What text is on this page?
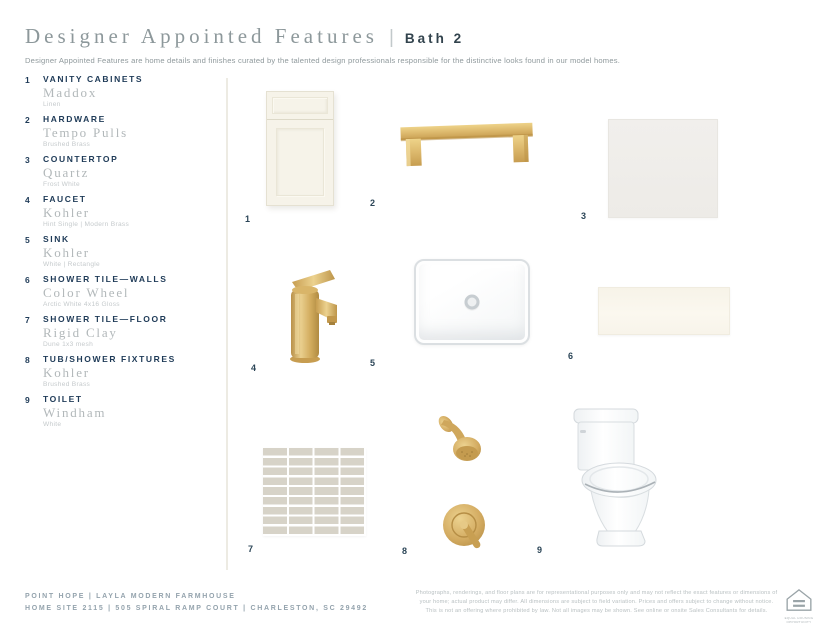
Designer Appointed Features | Bath 2
Designer Appointed Features are home details and finishes curated by the talented design professionals responsible for the distinctive looks found in our model homes.
1	VANITY CABINETS
Maddox
Linen
2	HARDWARE
Tempo Pulls
Brushed Brass
3	COUNTERTOP
Quartz
Frost White
4	FAUCET
Kohler
Hint Single | Modern Brass
5	SINK
Kohler
White | Rectangle
6	SHOWER TILE—WALLS
Color Wheel
Arctic White 4x16 Gloss
7	SHOWER TILE—FLOOR
Rigid Clay
Dune 1x3 mesh
8	TUB/SHOWER FIXTURES
Kohler
Brushed Brass
9	TOILET
Windham
White
1
2
3
4	5
6
7	8	9
POINT HOPE | LAYLA MODERN FARMHOUSE
HOME SITE 2115 | 505 SPIRAL RAMP COURT | CHARLESTON, SC 29492
Photographs, renderings, and floor plans are for representational purposes only and may not reflect the exact features or dimensions of your home; actual product may differ. All dimensions are subject to field variation. Prices and offers subject to change without notice. This is not an offering where prohibited by law. Not all images may be shown. See online or onsite Sales Consultants for details.
EQUAL HOUSING OPPORTUNITY
